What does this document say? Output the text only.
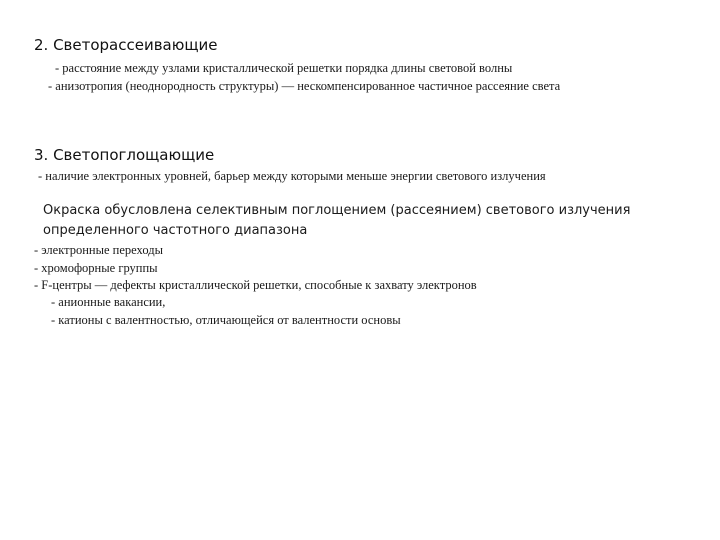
2. Светорассеивающие
- расстояние между узлами кристаллической решетки порядка длины световой волны
- анизотропия (неоднородность структуры) — нескомпенсированное частичное рассеяние света
3. Светопоглощающие
- наличие электронных уровней, барьер между которыми меньше энергии светового излучения
Окраска обусловлена селективным поглощением (рассеянием) светового излучения
определенного частотного диапазона
- электронные переходы
- хромофорные группы
- F-центры — дефекты кристаллической решетки, способные к захвату электронов
- анионные вакансии,
- катионы с валентностью, отличающейся от валентности основы
